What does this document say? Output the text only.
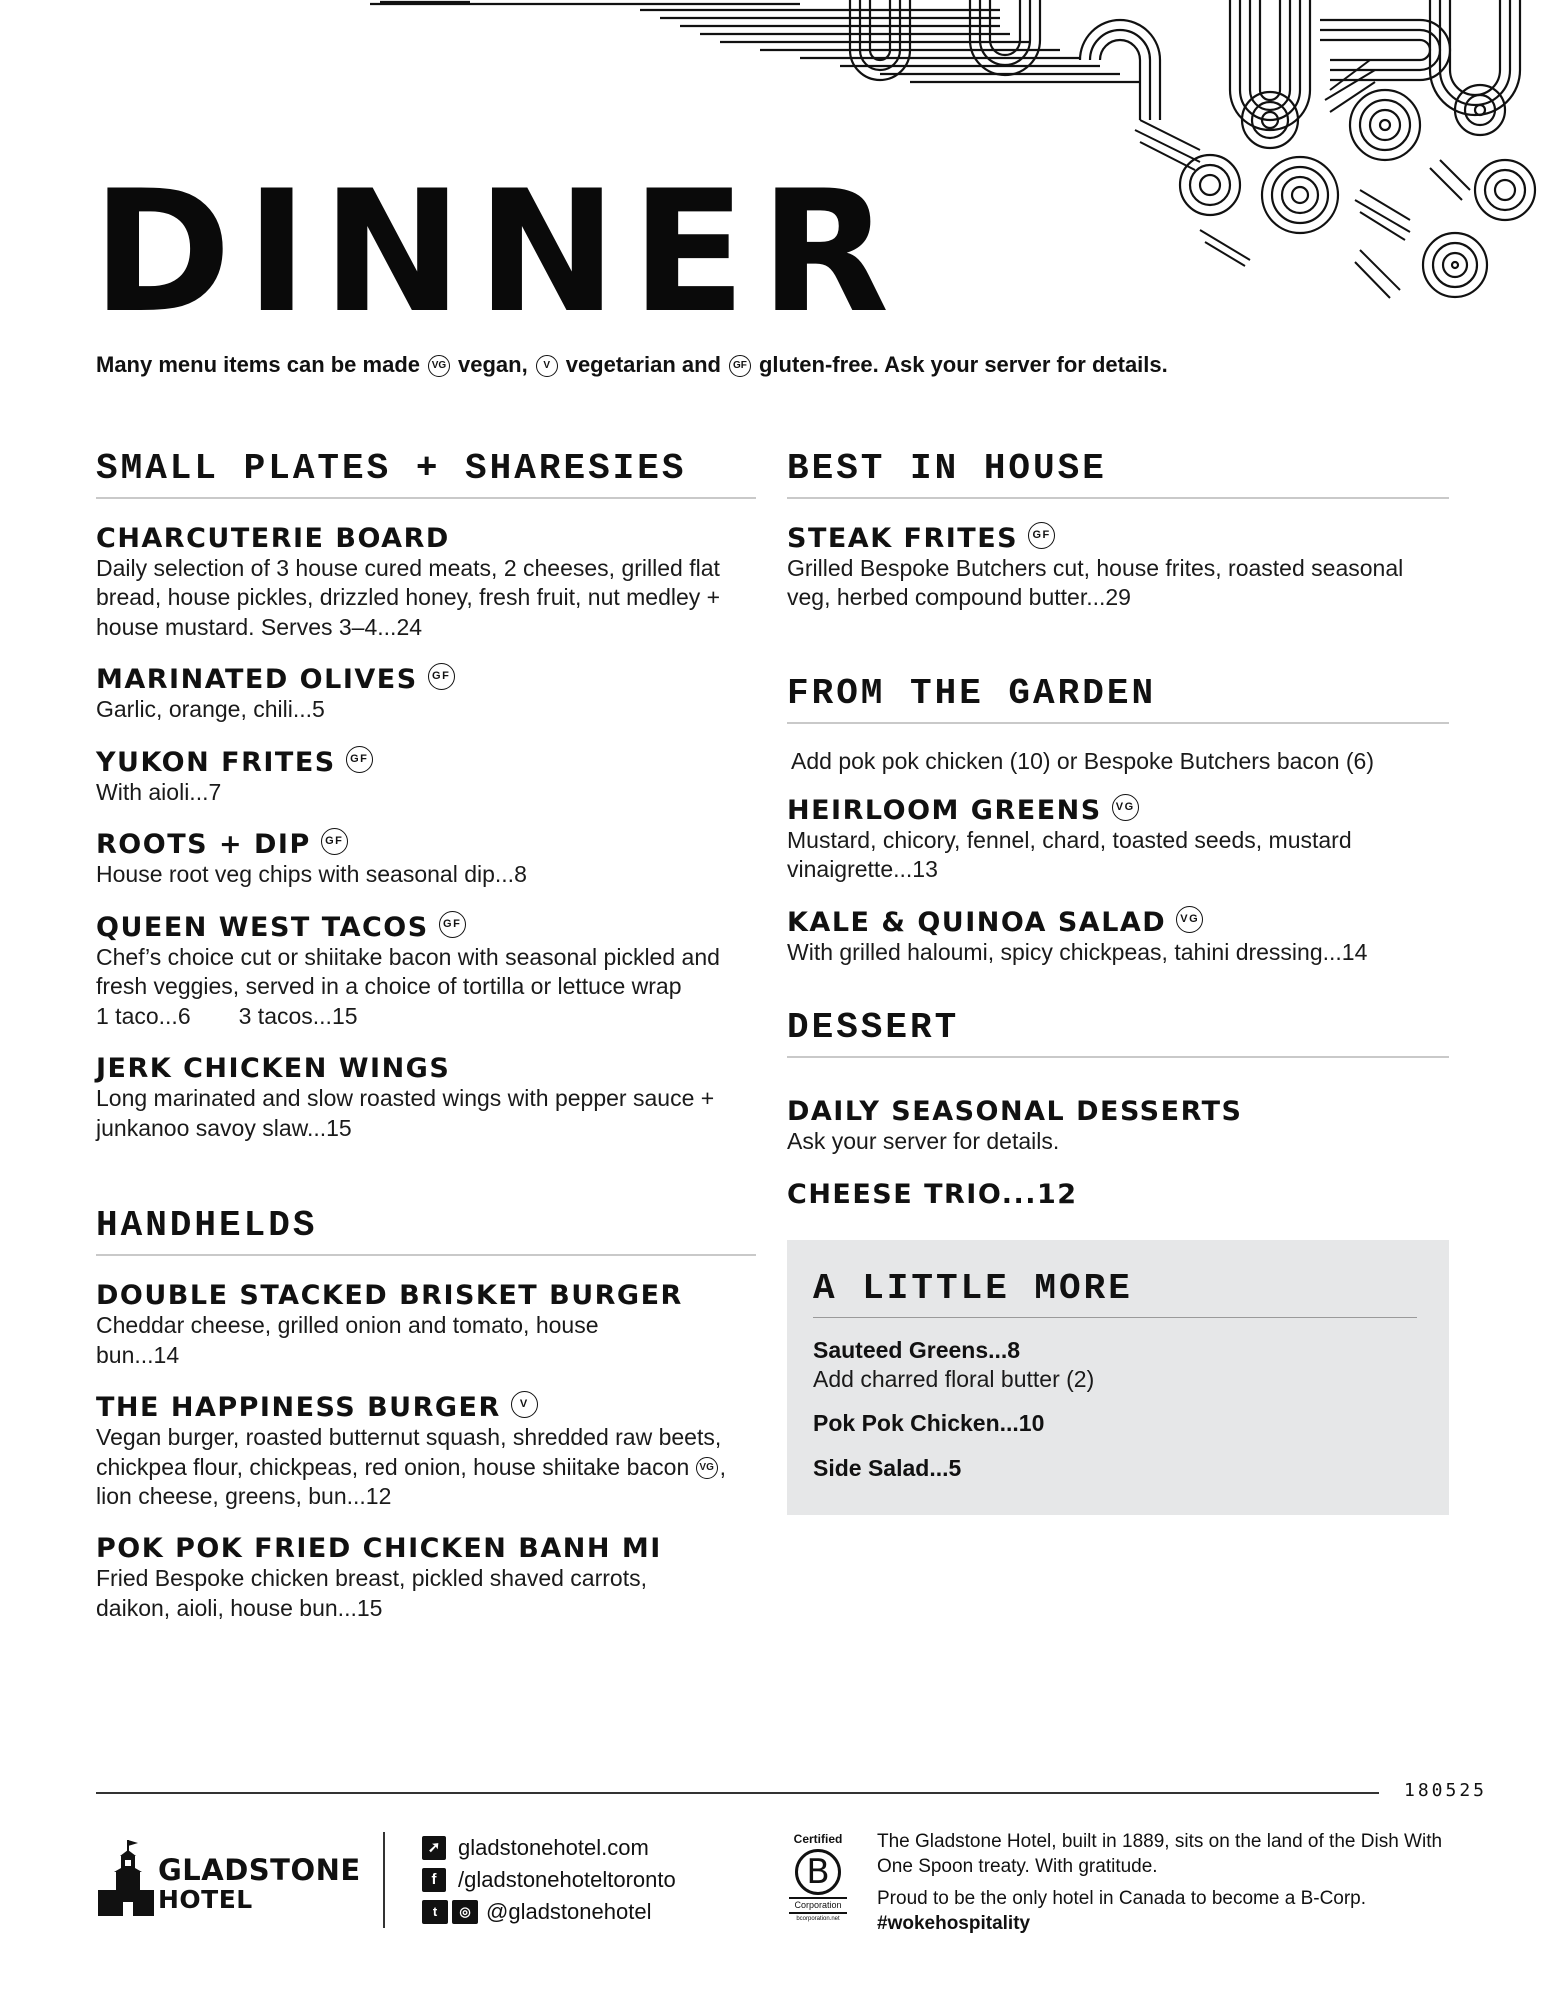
DINNER
Many menu items can be made VG vegan, V vegetarian and GF gluten-free. Ask your server for details.
SMALL PLATES + SHARESIES
CHARCUTERIE BOARD
Daily selection of 3 house cured meats, 2 cheeses, grilled flat bread, house pickles, drizzled honey, fresh fruit, nut medley + house mustard. Serves 3–4...24
MARINATED OLIVES GF
Garlic, orange, chili...5
YUKON FRITES GF
With aioli...7
ROOTS + DIP GF
House root veg chips with seasonal dip...8
QUEEN WEST TACOS GF
Chef’s choice cut or shiitake bacon with seasonal pickled and fresh veggies, served in a choice of tortilla or lettuce wrap
1 taco...6 3 tacos...15
JERK CHICKEN WINGS
Long marinated and slow roasted wings with pepper sauce + junkanoo savoy slaw...15
HANDHELDS
DOUBLE STACKED BRISKET BURGER
Cheddar cheese, grilled onion and tomato, house bun...14
THE HAPPINESS BURGER V
Vegan burger, roasted butternut squash, shredded raw beets, chickpea flour, chickpeas, red onion, house shiitake bacon VG , lion cheese, greens, bun...12
POK POK FRIED CHICKEN BANH MI
Fried Bespoke chicken breast, pickled shaved carrots, daikon, aioli, house bun...15
BEST IN HOUSE
STEAK FRITES GF
Grilled Bespoke Butchers cut, house frites, roasted seasonal veg, herbed compound butter...29
FROM THE GARDEN
Add pok pok chicken (10) or Bespoke Butchers bacon (6)
HEIRLOOM GREENS VG
Mustard, chicory, fennel, chard, toasted seeds, mustard vinaigrette...13
KALE & QUINOA SALAD VG
With grilled haloumi, spicy chickpeas, tahini dressing...14
DESSERT
DAILY SEASONAL DESSERTS
Ask your server for details.
CHEESE TRIO...12
A LITTLE MORE
Sauteed Greens...8
Add charred floral butter (2)
Pok Pok Chicken...10
Side Salad...5
180525
GLADSTONE
HOTEL
➚ gladstonehotel.com
f /gladstonehoteltoronto
t	◎ @gladstonehotel
Certified
B
Corporation
bcorporation.net

The Gladstone Hotel, built in 1889, sits on the land of the Dish With One Spoon treaty. With gratitude.

Proud to be the only hotel in Canada to become a B-Corp.
#wokehospitality
